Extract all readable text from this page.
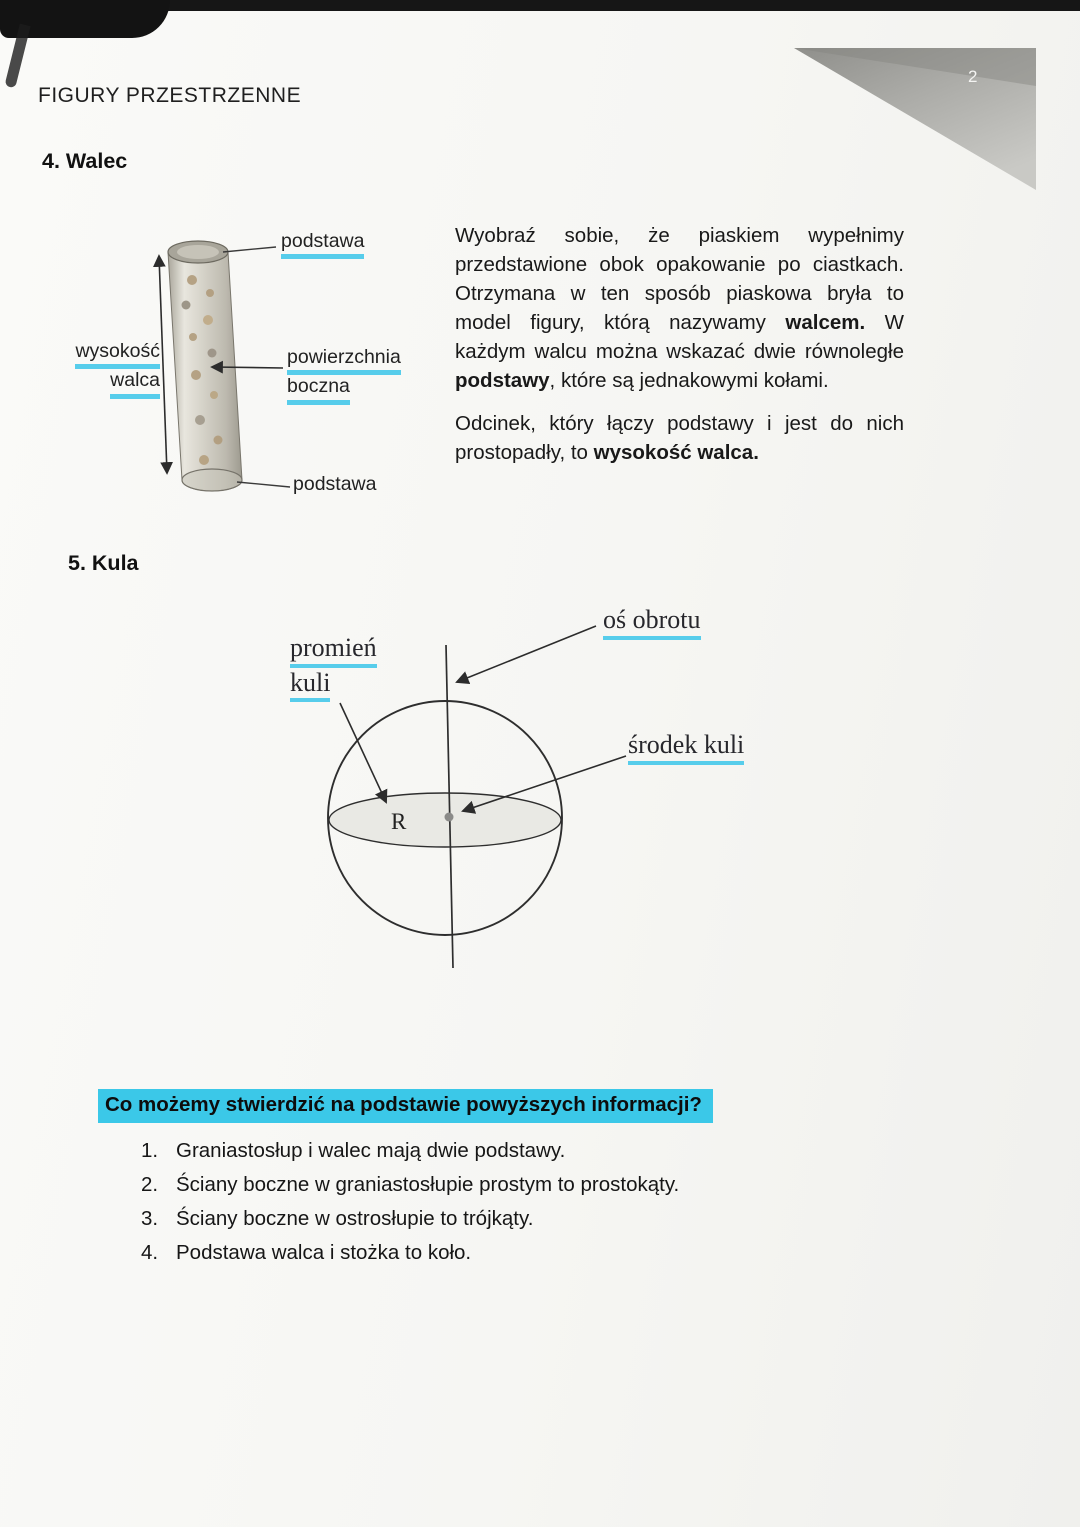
2
FIGURY PRZESTRZENNE
4. Walec
podstawa
wysokość
walca
powierzchnia
boczna
podstawa

Wyobraź sobie, że piaskiem wypełnimy przedstawione obok opakowanie po ciastkach. Otrzymana w ten sposób piaskowa bryła to model figury, którą nazywamy walcem. W każdym walcu można wskazać dwie równoległe podstawy, które są jednakowymi kołami.

Odcinek, który łączy podstawy i jest do nich prostopadły, to wysokość walca.

5. Kula
promień
kuli
oś obrotu
środek kuli
R
Co możemy stwierdzić na podstawie powyższych informacji?
1. Graniastosłup i walec mają dwie podstawy.
2. Ściany boczne w graniastosłupie prostym to prostokąty.
3. Ściany boczne w ostrosłupie to trójkąty.
4. Podstawa walca i stożka to koło.
